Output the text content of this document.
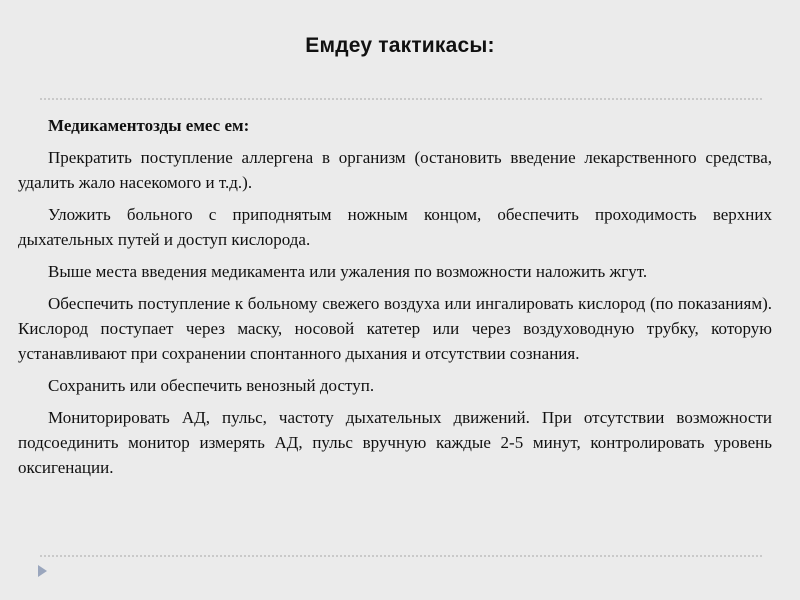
Емдеу тактикасы:

Медикаментозды емес ем:

Прекратить поступление аллергена в организм (остановить введение лекарственного средства, удалить жало насекомого и т.д.).

Уложить больного с приподнятым ножным концом, обеспечить проходимость верхних дыхательных путей и доступ кислорода.

Выше места введения медикамента или ужаления по возможности наложить жгут.

Обеспечить поступление к больному свежего воздуха или ингалировать кислород (по показаниям). Кислород поступает через маску, носовой катетер или через воздуховодную трубку, которую устанавливают при сохранении спонтанного дыхания и отсутствии сознания.

Сохранить или обеспечить венозный доступ.

Мониторировать АД, пульс, частоту дыхательных движений. При отсутствии возможности подсоединить монитор измерять АД, пульс вручную каждые 2-5 минут, контролировать уровень оксигенации.
